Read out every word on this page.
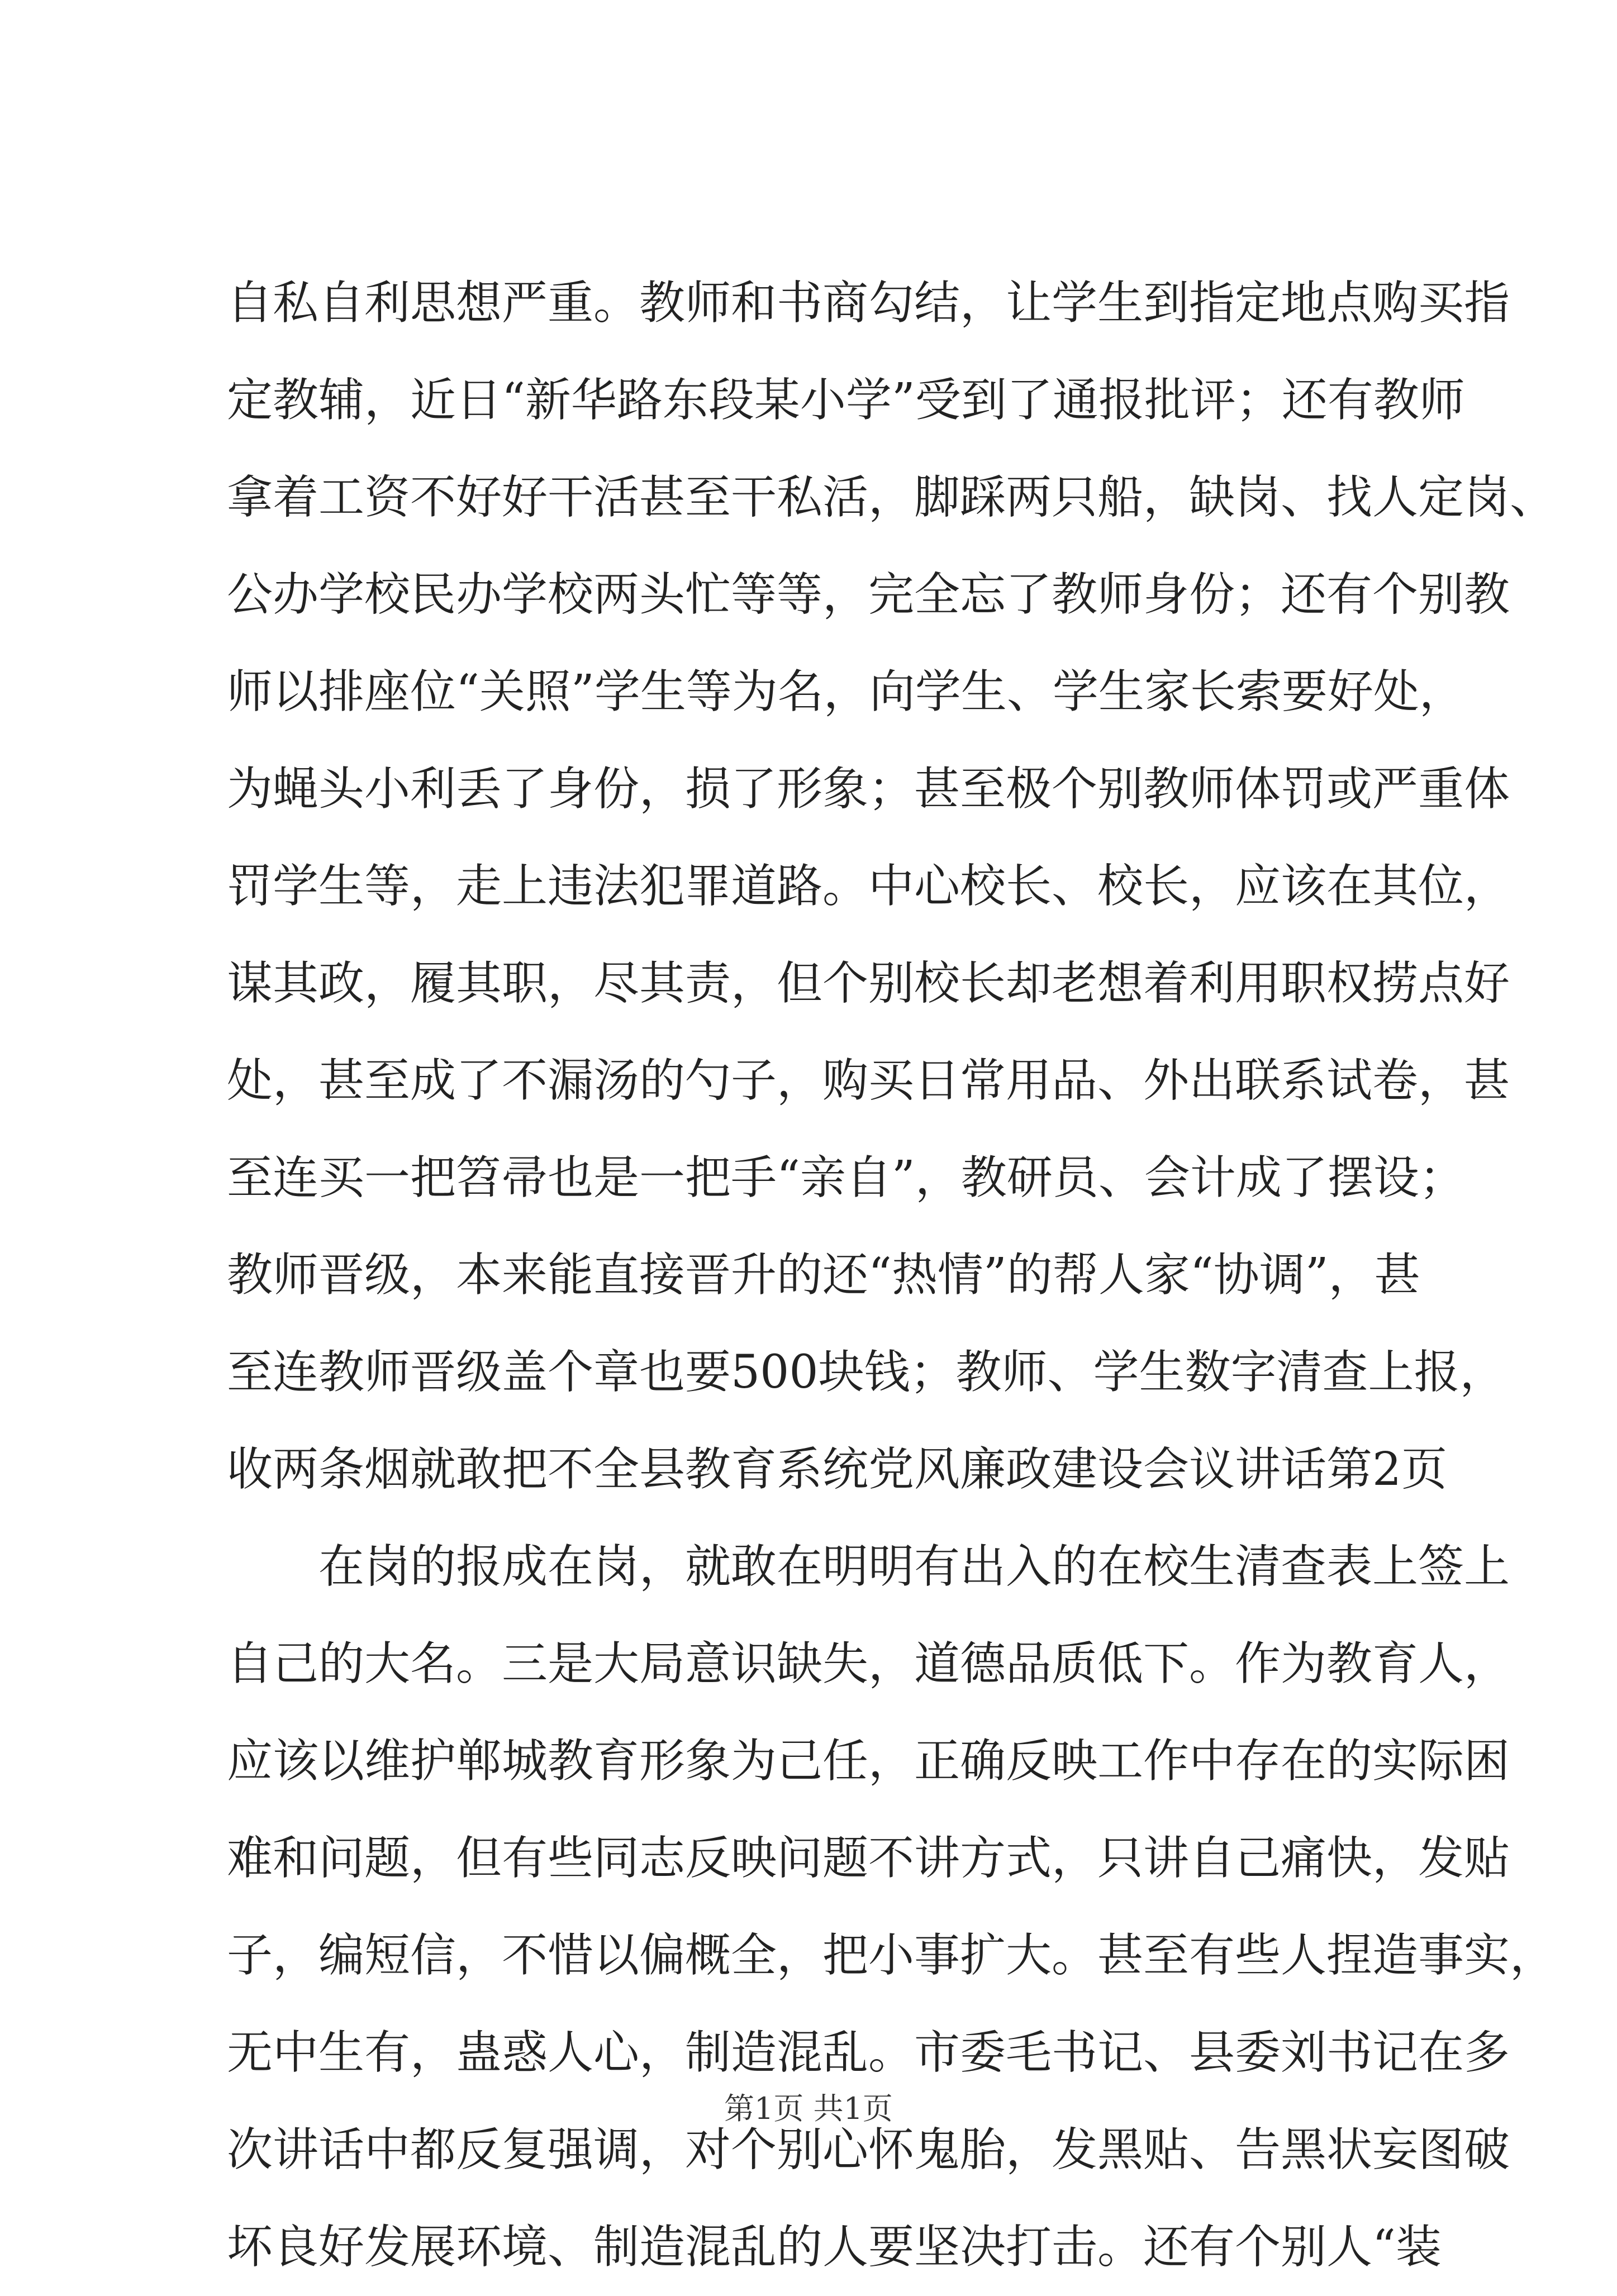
自私自利思想严重。教师和书商勾结，让学生到指定地点购买指
定教辅，近日“新华路东段某小学”受到了通报批评；还有教师
拿着工资不好好干活甚至干私活，脚踩两只船，缺岗、找人定岗、
公办学校民办学校两头忙等等，完全忘了教师身份；还有个别教
师以排座位“关照”学生等为名，向学生、学生家长索要好处，
为蝇头小利丢了身份，损了形象；甚至极个别教师体罚或严重体
罚学生等，走上违法犯罪道路。中心校长、校长，应该在其位，
谋其政，履其职，尽其责，但个别校长却老想着利用职权捞点好
处，甚至成了不漏汤的勺子，购买日常用品、外出联系试卷，甚
至连买一把笤帚也是一把手“亲自”，教研员、会计成了摆设；
教师晋级，本来能直接晋升的还“热情”的帮人家“协调”，甚
至连教师晋级盖个章也要500块钱；教师、学生数字清查上报，
收两条烟就敢把不全县教育系统党风廉政建设会议讲话第2页
在岗的报成在岗，就敢在明明有出入的在校生清查表上签上
自己的大名。三是大局意识缺失，道德品质低下。作为教育人，
应该以维护郸城教育形象为己任，正确反映工作中存在的实际困
难和问题，但有些同志反映问题不讲方式，只讲自己痛快，发贴
子，编短信，不惜以偏概全，把小事扩大。甚至有些人捏造事实，
无中生有，蛊惑人心，制造混乱。市委毛书记、县委刘书记在多
次讲话中都反复强调，对个别心怀鬼胎，发黑贴、告黑状妄图破
坏良好发展环境、制造混乱的人要坚决打击。还有个别人“装
第1页 共1页
